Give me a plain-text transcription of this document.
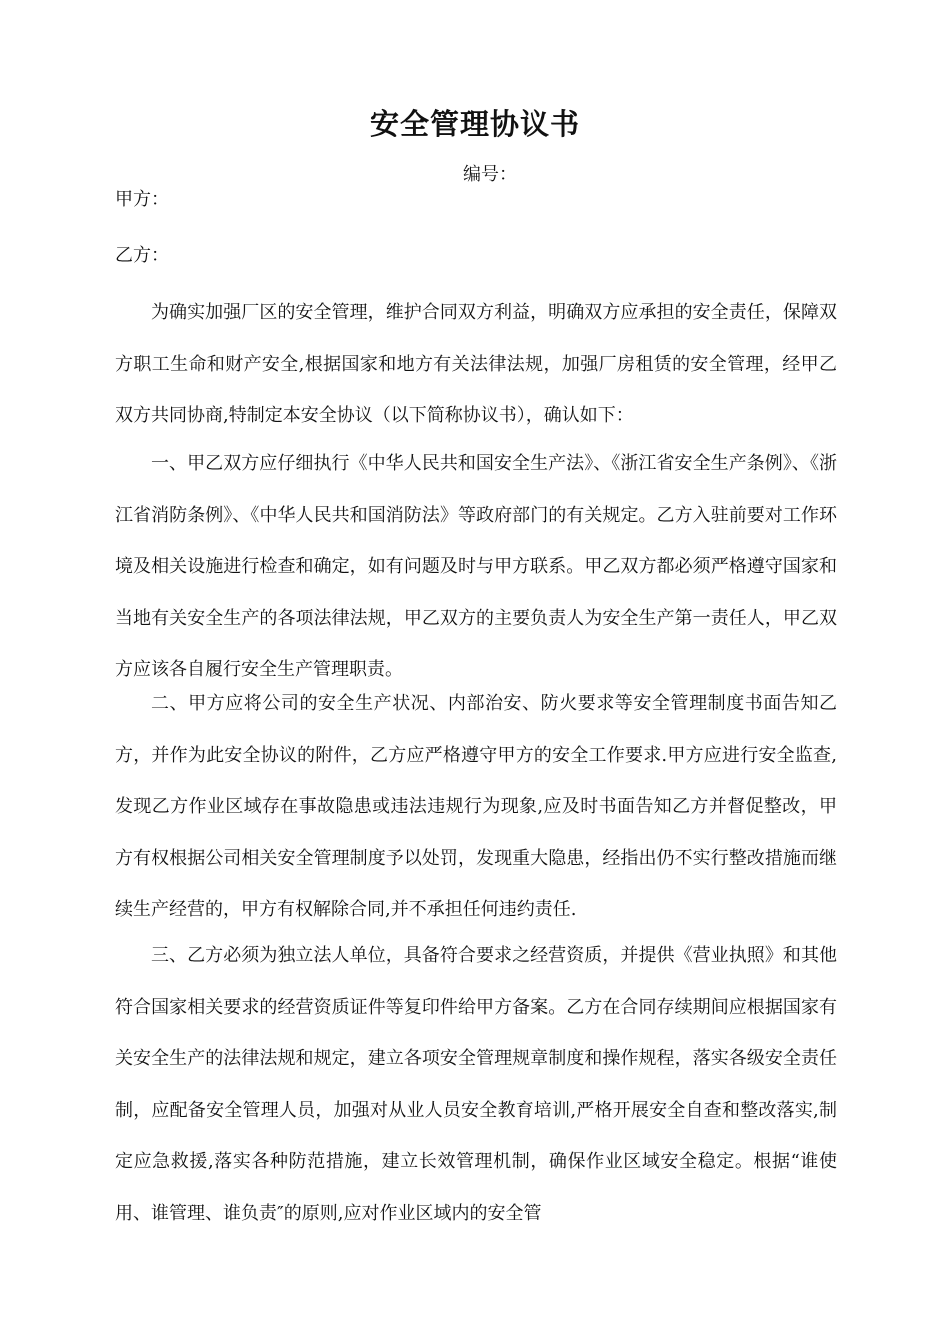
安全管理协议书
编号：
甲方：
乙方：

为确实加强厂区的安全管理，维护合同双方利益，明确双方应承担的安全责任，保障双方职工生命和财产安全,根据国家和地方有关法律法规，加强厂房租赁的安全管理，经甲乙双方共同协商,特制定本安全协议（以下简称协议书），确认如下：

一、甲乙双方应仔细执行《中华人民共和国安全生产法》、《浙江省安全生产条例》、《浙江省消防条例》、《中华人民共和国消防法》等政府部门的有关规定。乙方入驻前要对工作环境及相关设施进行检查和确定，如有问题及时与甲方联系。甲乙双方都必须严格遵守国家和当地有关安全生产的各项法律法规，甲乙双方的主要负责人为安全生产第一责任人，甲乙双方应该各自履行安全生产管理职责。

二、甲方应将公司的安全生产状况、内部治安、防火要求等安全管理制度书面告知乙方，并作为此安全协议的附件，乙方应严格遵守甲方的安全工作要求.甲方应进行安全监查,发现乙方作业区域存在事故隐患或违法违规行为现象,应及时书面告知乙方并督促整改，甲方有权根据公司相关安全管理制度予以处罚，发现重大隐患，经指出仍不实行整改措施而继续生产经营的，甲方有权解除合同,并不承担任何违约责任.

三、乙方必须为独立法人单位，具备符合要求之经营资质，并提供《营业执照》和其他符合国家相关要求的经营资质证件等复印件给甲方备案。乙方在合同存续期间应根据国家有关安全生产的法律法规和规定，建立各项安全管理规章制度和操作规程，落实各级安全责任制，应配备安全管理人员，加强对从业人员安全教育培训,严格开展安全自查和整改落实,制定应急救援,落实各种防范措施，建立长效管理机制，确保作业区域安全稳定。根据“谁使用、谁管理、谁负责″的原则,应对作业区域内的安全管
